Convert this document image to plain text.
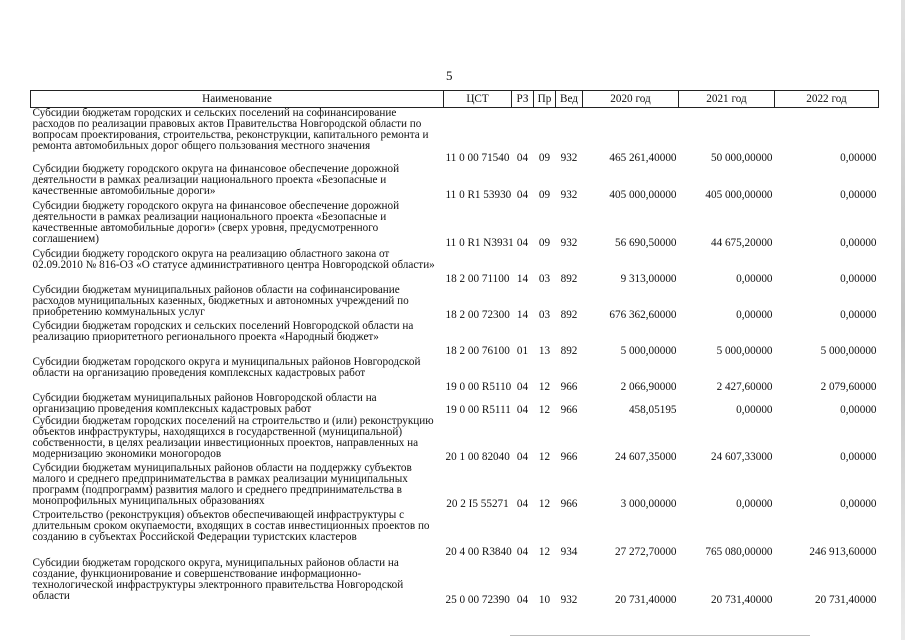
5
Наименование	ЦСТ	РЗ	Пр	Вед	2020 год	2021 год	2022 год
Субсидии бюджетам городских и сельских поселений на софинансирование расходов по реализации правовых актов Правительства Новгородской области по вопросам проектирования, строительства, реконструкции, капитального ремонта и ремонта автомобильных дорог общего пользования местного значения	11 0 00 71540	04	09	932	465 261,40000	50 000,00000	0,00000
Субсидии бюджету городского округа на финансовое обеспечение дорожной деятельности в рамках реализации национального проекта «Безопасные и качественные автомобильные дороги»	11 0 R1 53930	04	09	932	405 000,00000	405 000,00000	0,00000
Субсидии бюджету городского округа на финансовое обеспечение дорожной деятельности в рамках реализации национального проекта «Безопасные и качественные автомобильные дороги» (сверх уровня, предусмотренного соглашением)	11 0 R1 N3931	04	09	932	56 690,50000	44 675,20000	0,00000
Субсидии бюджету городского округа на реализацию областного закона от 02.09.2010 № 816-ОЗ «О статусе административного центра Новгородской области»	18 2 00 71100	14	03	892	9 313,00000	0,00000	0,00000
Субсидии бюджетам муниципальных районов области на софинансирование расходов муниципальных казенных, бюджетных и автономных учреждений по приобретению коммунальных услуг	18 2 00 72300	14	03	892	676 362,60000	0,00000	0,00000
Субсидии бюджетам городских и сельских поселений Новгородской области на реализацию приоритетного регионального проекта «Народный бюджет»	18 2 00 76100	01	13	892	5 000,00000	5 000,00000	5 000,00000
Субсидии бюджетам городского округа и муниципальных районов Новгородской области на организацию проведения комплексных кадастровых работ	19 0 00 R5110	04	12	966	2 066,90000	2 427,60000	2 079,60000
Субсидии бюджетам муниципальных районов Новгородской области на организацию проведения комплексных кадастровых работ	19 0 00 R5111	04	12	966	458,05195	0,00000	0,00000
Субсидии бюджетам городских поселений на строительство и (или) реконструкцию объектов инфраструктуры, находящихся в государственной (муниципальной) собственности, в целях реализации инвестиционных проектов, направленных на модернизацию экономики моногородов	20 1 00 82040	04	12	966	24 607,35000	24 607,33000	0,00000
Субсидии бюджетам муниципальных районов области на поддержку субъектов малого и среднего предпринимательства в рамках реализации муниципальных программ (подпрограмм) развития малого и среднего предпринимательства в монопрофильных муниципальных образованиях	20 2 I5 55271	04	12	966	3 000,00000	0,00000	0,00000
Строительство (реконструкция) объектов обеспечивающей инфраструктуры с длительным сроком окупаемости, входящих в состав инвестиционных проектов по созданию в субъектах Российской Федерации туристских кластеров	20 4 00 R3840	04	12	934	27 272,70000	765 080,00000	246 913,60000
Субсидии бюджетам городского округа, муниципальных районов области на создание, функционирование и совершенствование информационно-технологической инфраструктуры электронного правительства Новгородской области	25 0 00 72390	04	10	932	20 731,40000	20 731,40000	20 731,40000
